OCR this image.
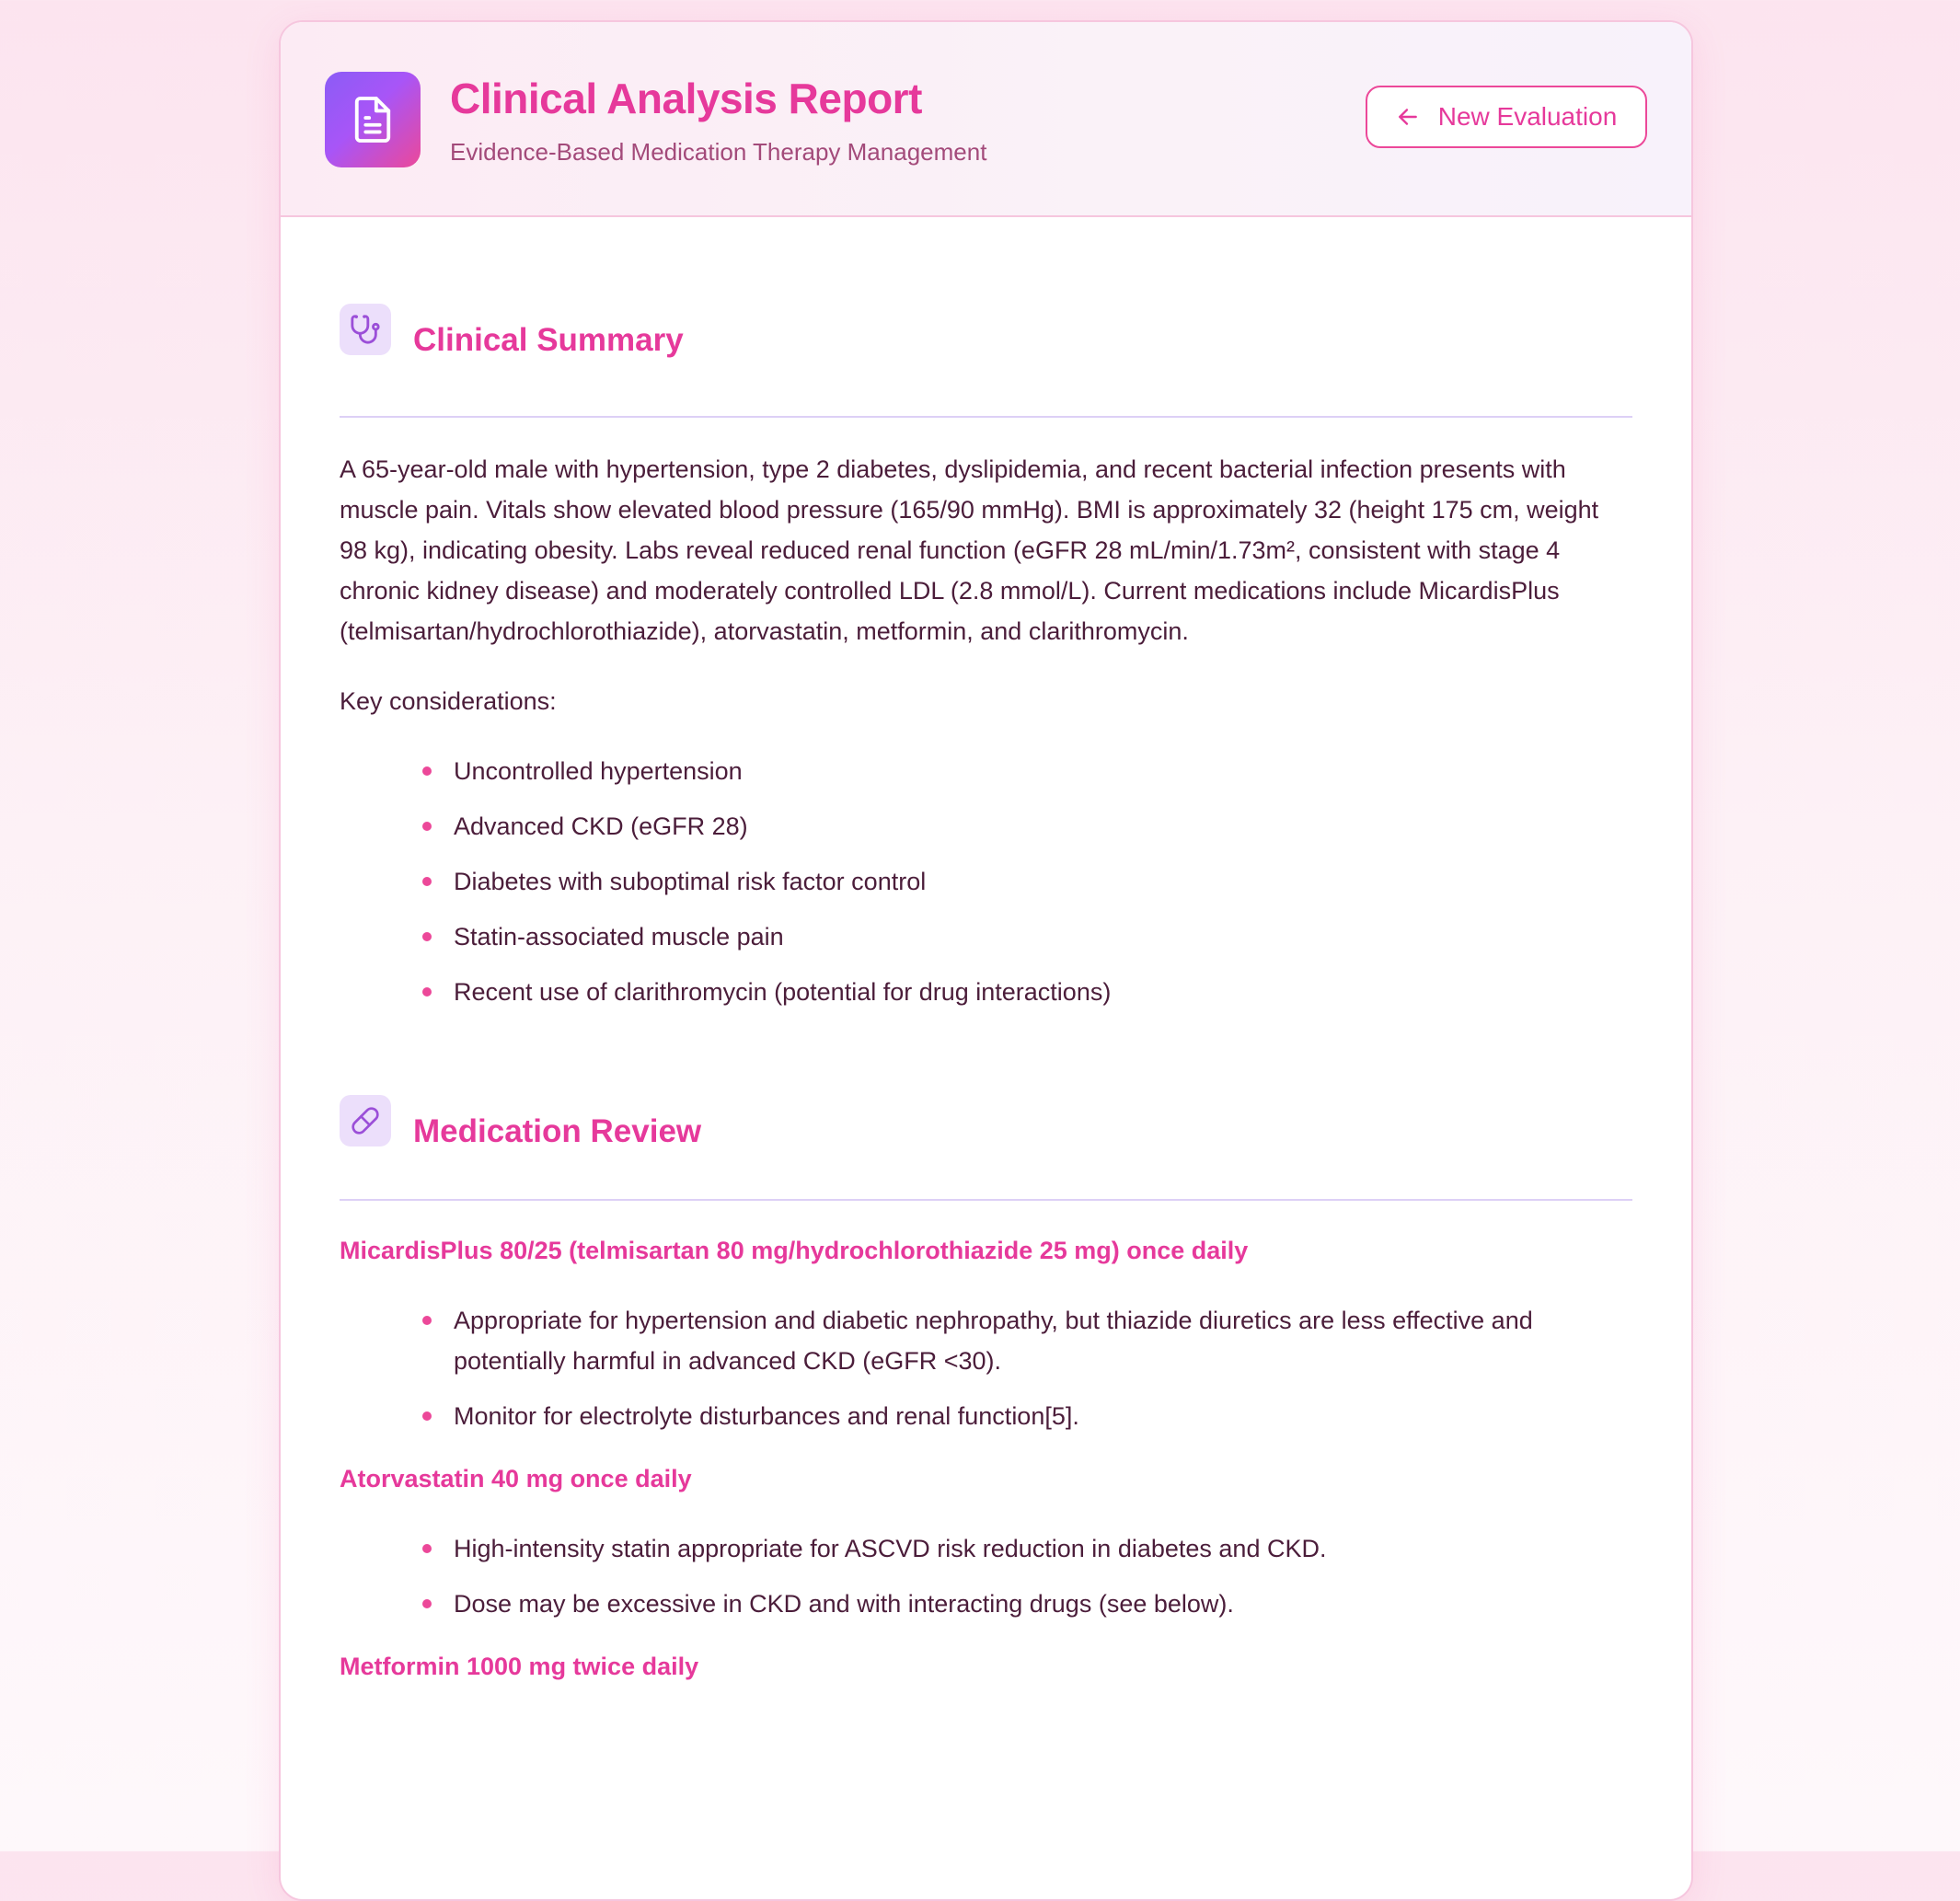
Clinical Analysis Report
Evidence-Based Medication Therapy Management
New Evaluation
Clinical Summary

A 65-year-old male with hypertension, type 2 diabetes, dyslipidemia, and recent bacterial infection presents with muscle pain. Vitals show elevated blood pressure (165/90 mmHg). BMI is approximately 32 (height 175 cm, weight 98 kg), indicating obesity. Labs reveal reduced renal function (eGFR 28 mL/min/1.73m², consistent with stage 4 chronic kidney disease) and moderately controlled LDL (2.8 mmol/L). Current medications include MicardisPlus (telmisartan/hydrochlorothiazide), atorvastatin, metformin, and clarithromycin.

Key considerations:

Uncontrolled hypertension
Advanced CKD (eGFR 28)
Diabetes with suboptimal risk factor control
Statin-associated muscle pain
Recent use of clarithromycin (potential for drug interactions)
Medication Review

MicardisPlus 80/25 (telmisartan 80 mg/hydrochlorothiazide 25 mg) once daily

Appropriate for hypertension and diabetic nephropathy, but thiazide diuretics are less effective and potentially harmful in advanced CKD (eGFR <30).
Monitor for electrolyte disturbances and renal function[5].

Atorvastatin 40 mg once daily

High-intensity statin appropriate for ASCVD risk reduction in diabetes and CKD.
Dose may be excessive in CKD and with interacting drugs (see below).

Metformin 1000 mg twice daily
